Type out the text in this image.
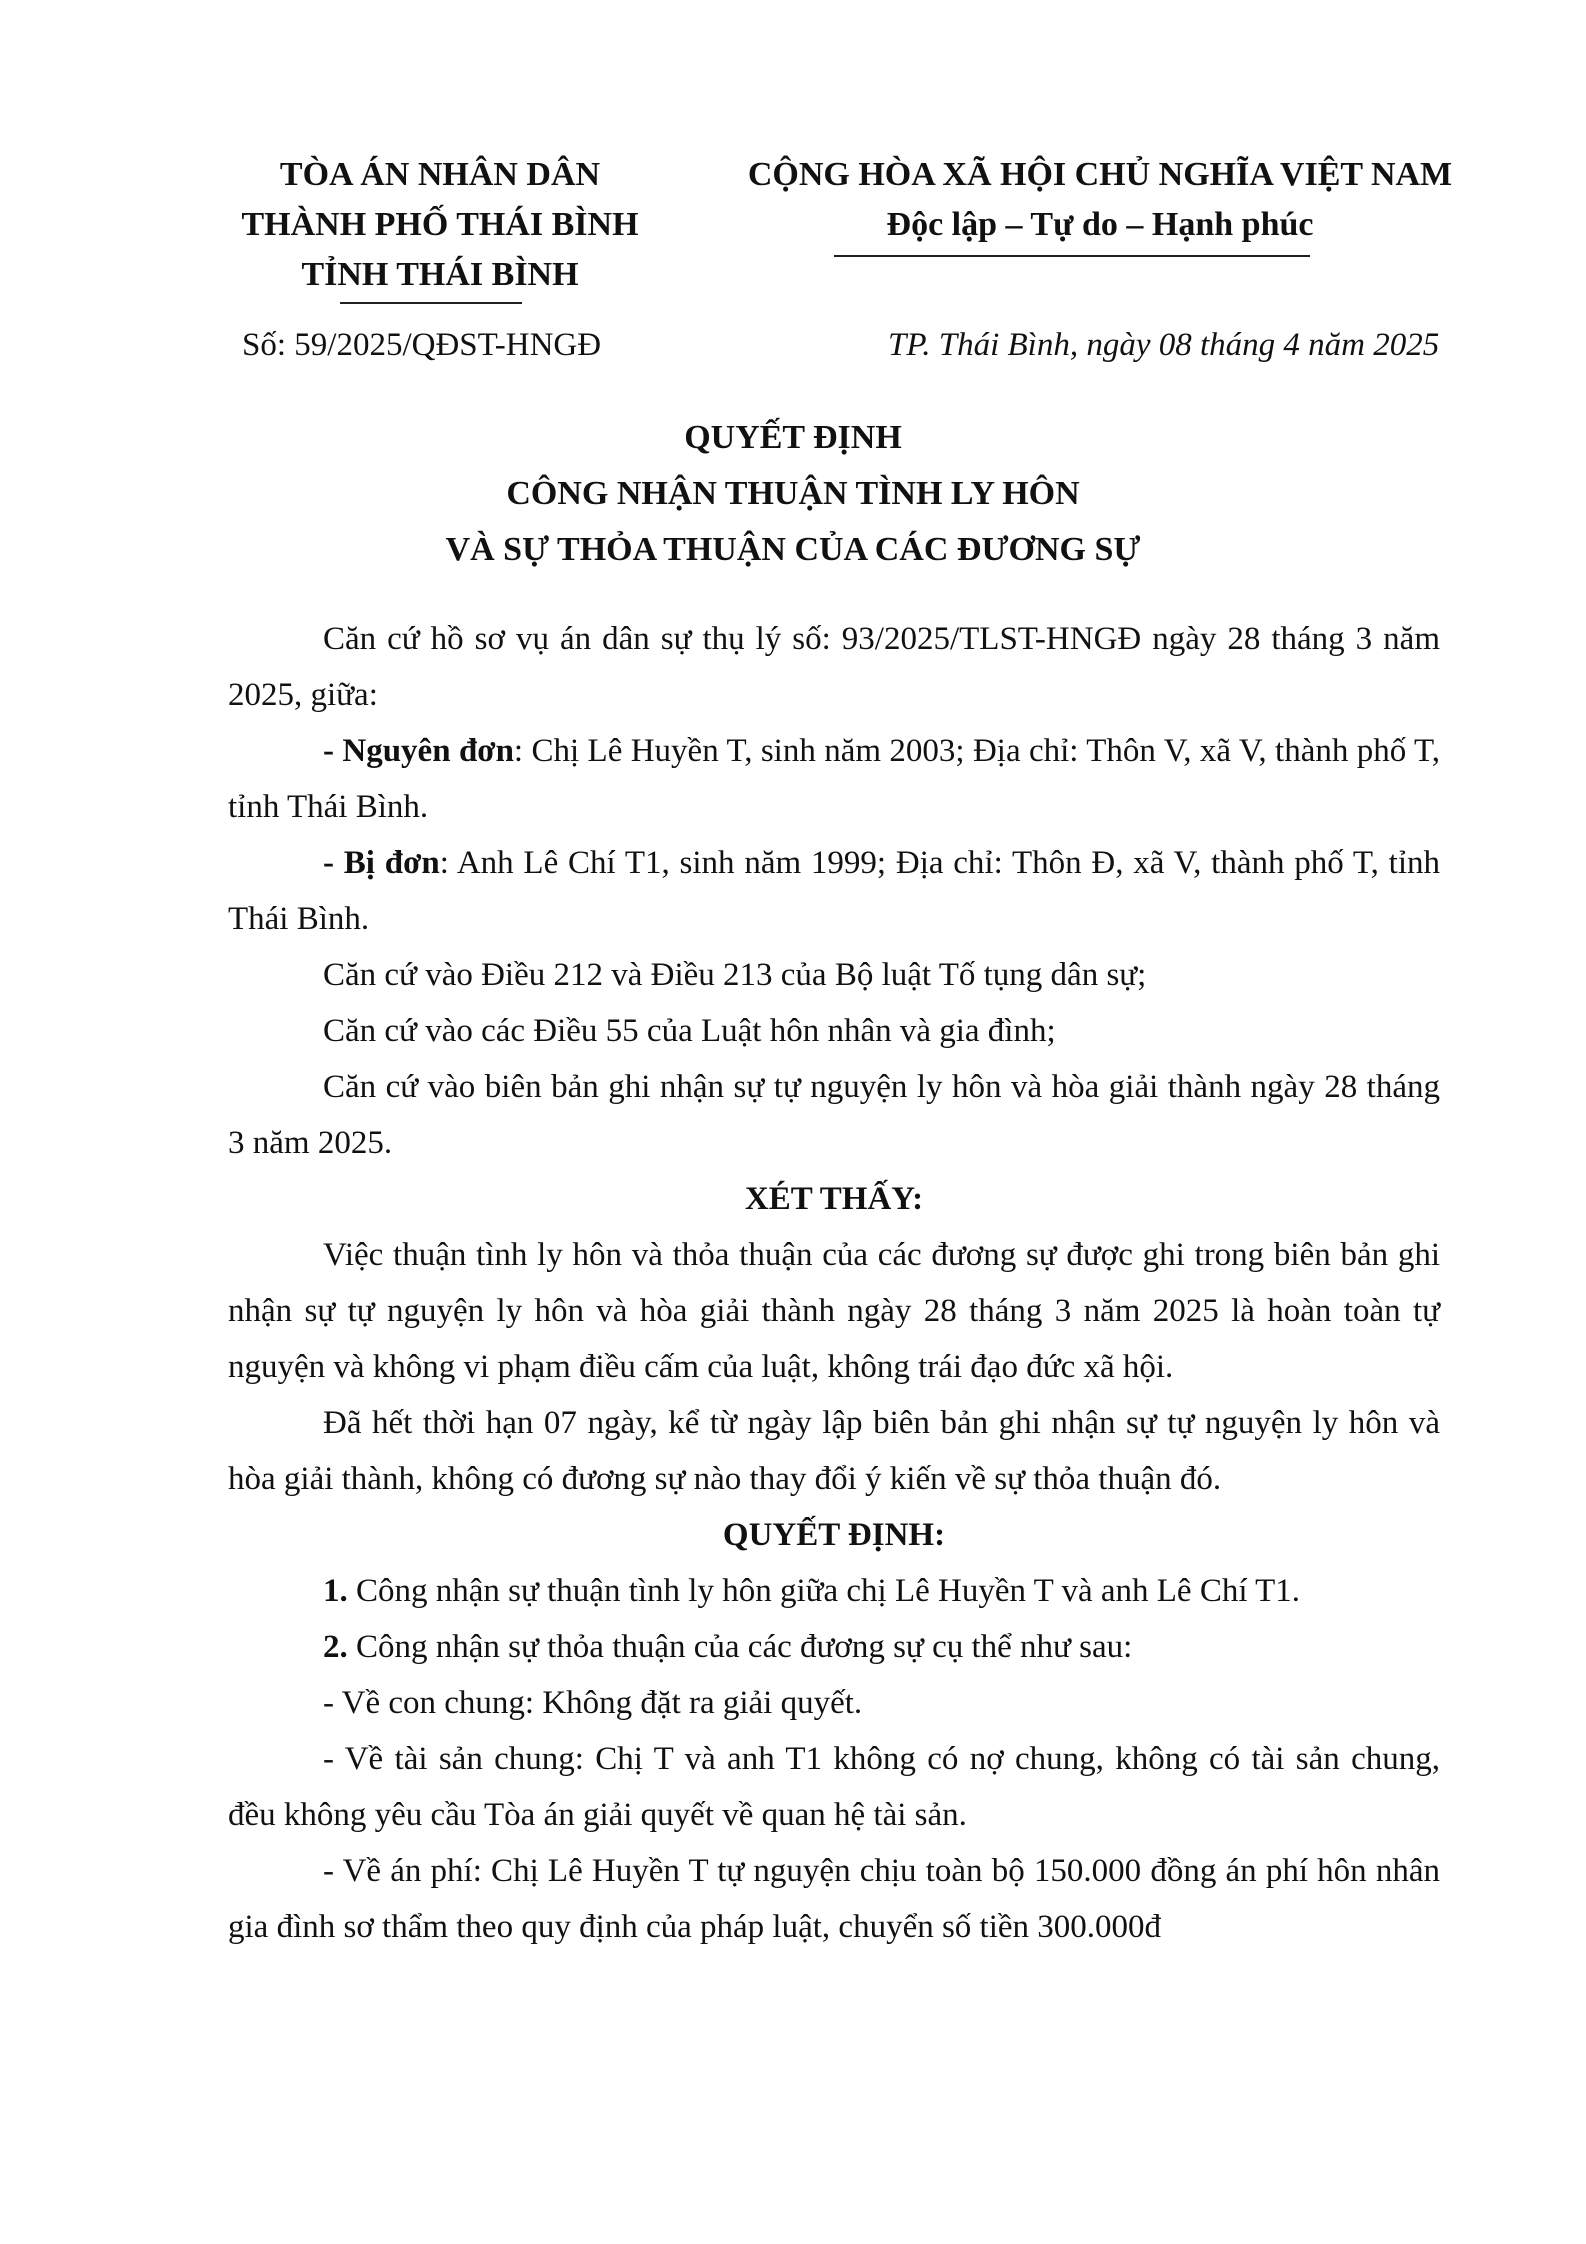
TÒA ÁN NHÂN DÂN
THÀNH PHỐ THÁI BÌNH
TỈNH THÁI BÌNH
CỘNG HÒA XÃ HỘI CHỦ NGHĨA VIỆT NAM
Độc lập – Tự do – Hạnh phúc
Số: 59/2025/QĐST-HNGĐ	TP. Thái Bình, ngày 08 tháng 4 năm 2025
QUYẾT ĐỊNH
CÔNG NHẬN THUẬN TÌNH LY HÔN
VÀ SỰ THỎA THUẬN CỦA CÁC ĐƯƠNG SỰ

Căn cứ hồ sơ vụ án dân sự thụ lý số: 93/2025/TLST-HNGĐ ngày 28 tháng 3 năm 2025, giữa:

- Nguyên đơn: Chị Lê Huyền T, sinh năm 2003; Địa chỉ: Thôn V, xã V, thành phố T, tỉnh Thái Bình.

- Bị đơn: Anh Lê Chí T1, sinh năm 1999; Địa chỉ: Thôn Đ, xã V, thành phố T, tỉnh Thái Bình.

Căn cứ vào Điều 212 và Điều 213 của Bộ luật Tố tụng dân sự;

Căn cứ vào các Điều 55 của Luật hôn nhân và gia đình;

Căn cứ vào biên bản ghi nhận sự tự nguyện ly hôn và hòa giải thành ngày 28 tháng 3 năm 2025.

XÉT THẤY:

Việc thuận tình ly hôn và thỏa thuận của các đương sự được ghi trong biên bản ghi nhận sự tự nguyện ly hôn và hòa giải thành ngày 28 tháng 3 năm 2025 là hoàn toàn tự nguyện và không vi phạm điều cấm của luật, không trái đạo đức xã hội.

Đã hết thời hạn 07 ngày, kể từ ngày lập biên bản ghi nhận sự tự nguyện ly hôn và hòa giải thành, không có đương sự nào thay đổi ý kiến về sự thỏa thuận đó.

QUYẾT ĐỊNH:

1. Công nhận sự thuận tình ly hôn giữa chị Lê Huyền T và anh Lê Chí T1.

2. Công nhận sự thỏa thuận của các đương sự cụ thể như sau:

- Về con chung: Không đặt ra giải quyết.

- Về tài sản chung: Chị T và anh T1 không có nợ chung, không có tài sản chung, đều không yêu cầu Tòa án giải quyết về quan hệ tài sản.

- Về án phí: Chị Lê Huyền T tự nguyện chịu toàn bộ 150.000 đồng án phí hôn nhân gia đình sơ thẩm theo quy định của pháp luật, chuyển số tiền 300.000đ
